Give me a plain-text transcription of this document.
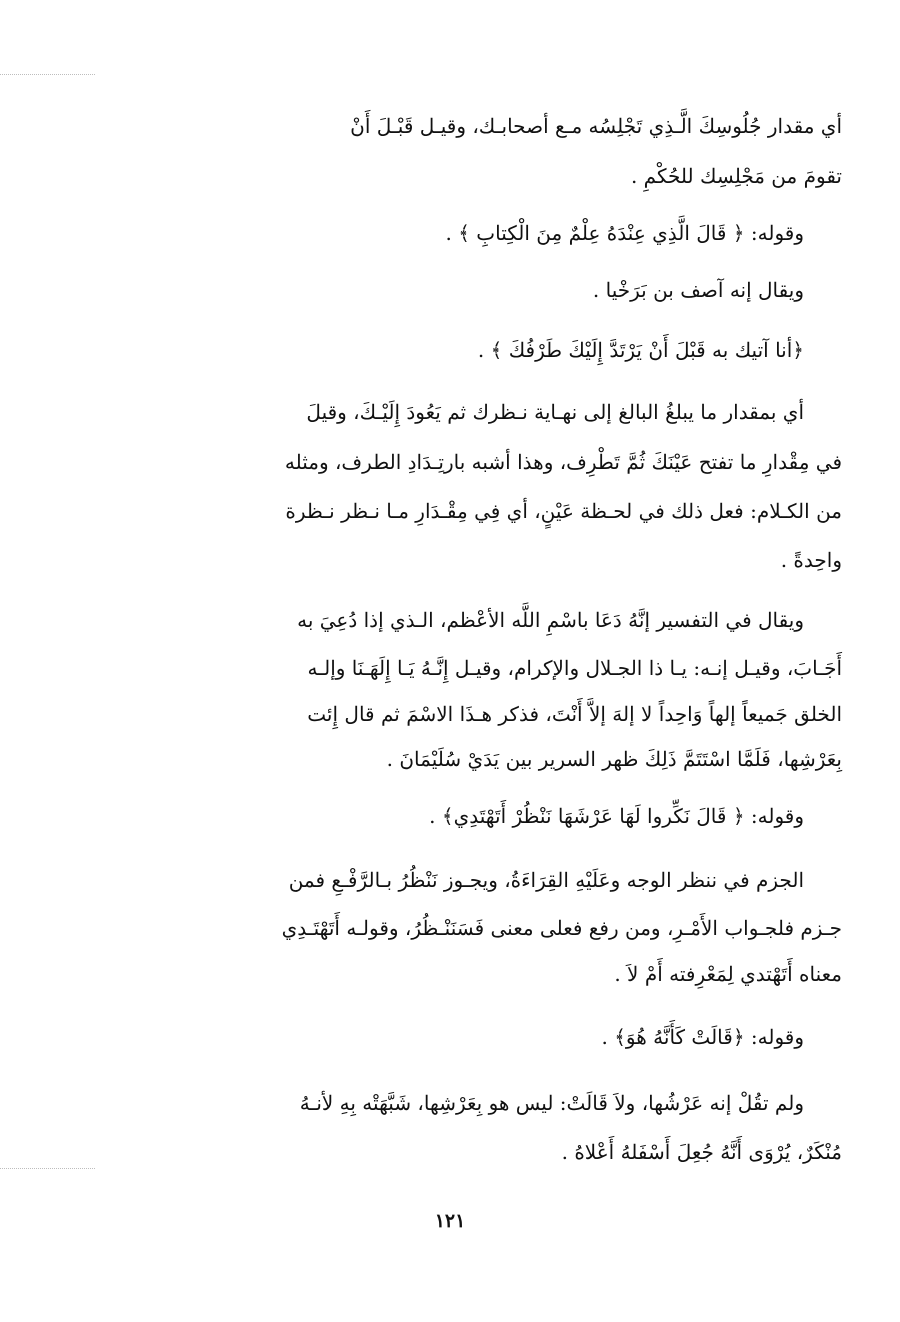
أي مقدار جُلُوسِكَ الَّـذِي تَجْلِسُه مـع أصحابـك، وقيـل قَبْـلَ أَنْ
تقومَ من مَجْلِسِك للحُكْمِ .
وقوله: ﴿ قَالَ الَّذِي عِنْدَهُ عِلْمٌ مِنَ الْكِتابِ ﴾ .
ويقال إنه آصف بن بَرَخْيا .
﴿أنا آتيك به قَبْلَ أَنْ يَرْتَدَّ إِلَيْكَ طَرْفُكَ ﴾ .
أي بمقدار ما يبلغُ البالغ إلى نهـاية نـظرك ثم يَعُودَ إِلَيْـكَ، وقيلَ
في مِقْدارِ ما تفتح عَيْنَكَ ثُمَّ تَطْرِف، وهذا أشبه بارتِـدَادِ الطرف، ومثله
من الكـلام: فعل ذلك في لحـظة عَيْنٍ، أي فِي مِقْـدَارِ مـا نـظر نـظرة
واحِدةً .
ويقال في التفسير إنَّهُ دَعَا باسْمِ اللَّه الأعْظم، الـذي إذا دُعِيَ به
أَجَـابَ، وقيـل إنـه: يـا ذا الجـلال والإكرام، وقيـل إِنَّـهُ يَـا إِلَهَـنَا وإلـه
الخلق جَميعاً إلهاً وَاحِداً لا إلهَ إلاَّ أَنْتَ، فذكر هـذَا الاسْمَ ثم قال إِئت
بِعَرْشِها، فَلَمَّا اسْتَتَمَّ ذَلِكَ ظهر السرير بين يَدَيْ سُلَيْمَانَ .
وقوله: ﴿ قَالَ نَكِّروا لَهَا عَرْشَهَا نَنْظُرْ أَتَهْتَدِي﴾ .
الجزم في ننظر الوجه وعَلَيْهِ القِرَاءَةُ، ويجـوز نَنْظُرُ بـالرَّفْـعِ فمن
جـزم فلجـواب الأَمْـرِ، ومن رفع فعلى معنى فَسَنَنْـظُرُ، وقولـه أَتَهْتَـدِي
معناه أَتَهْتدي لِمَعْرِفته أَمْ لاَ .
وقوله: ﴿قَالَتْ كَأَنَّهُ هُوَ﴾ .
ولم تقُلْ إنه عَرْشُها، ولاَ قَالَتْ: ليس هو بِعَرْشِها، شَبَّهَتْه بِهِ لأنـهُ
مُنْكَرٌ، يُرْوَى أَنَّهُ جُعِلَ أَسْفَلهُ أَعْلاهُ .
١٢١
